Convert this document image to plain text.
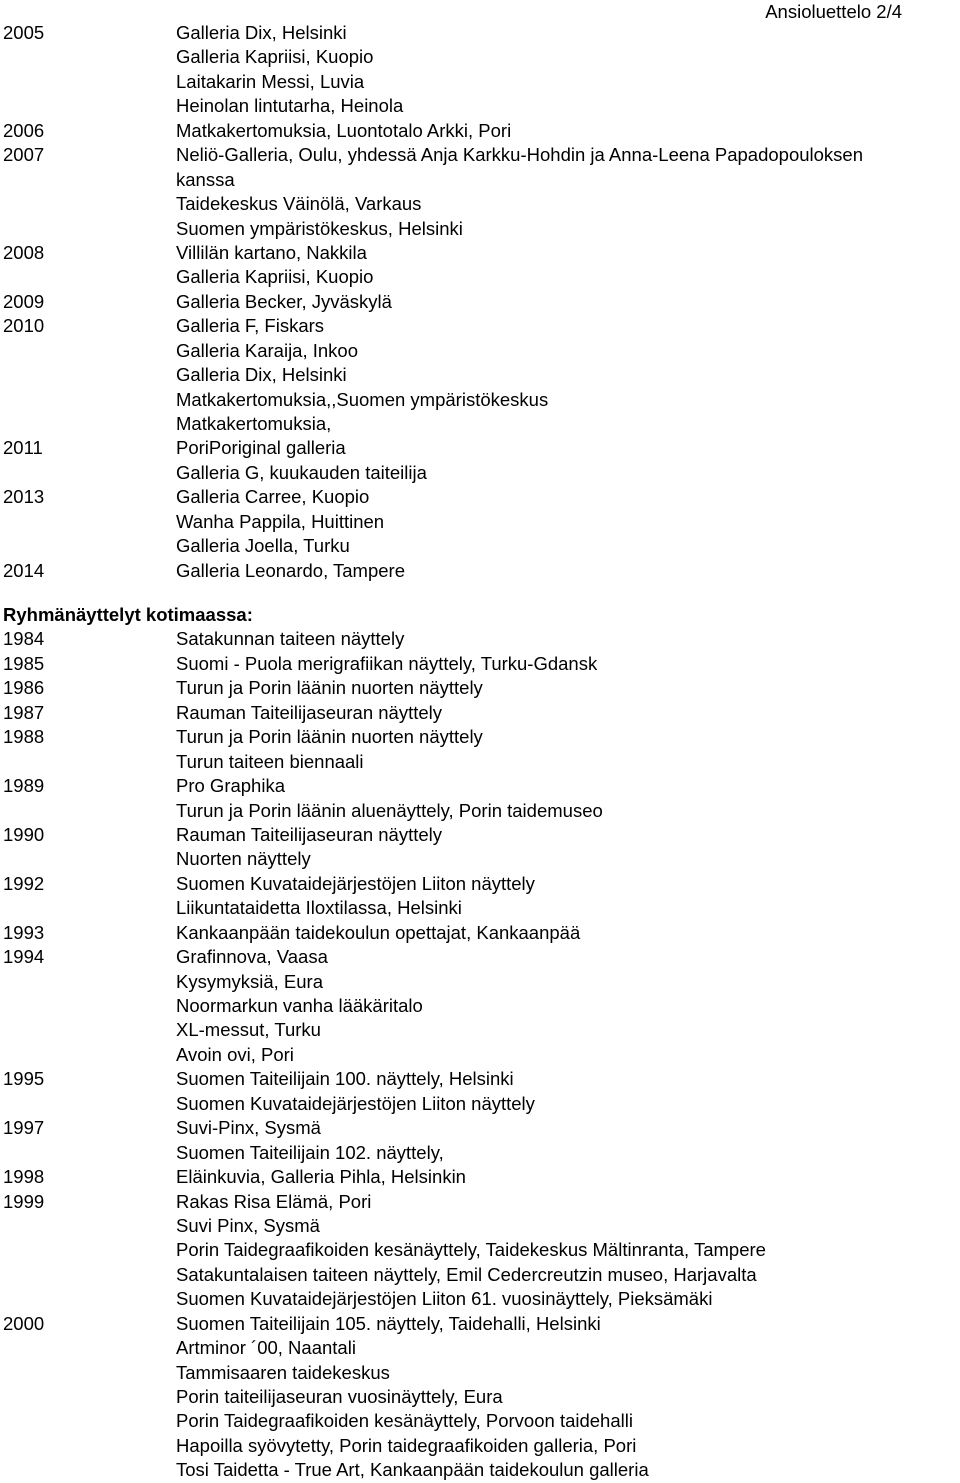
Ansioluettelo 2/4
2005	Galleria Dix, Helsinki
Galleria Kapriisi, Kuopio
Laitakarin Messi, Luvia
Heinolan lintutarha, Heinola
2006	Matkakertomuksia, Luontotalo Arkki, Pori
2007	Neliö-Galleria, Oulu, yhdessä Anja Karkku-Hohdin ja Anna-Leena Papadopouloksen
kanssa
Taidekeskus Väinölä, Varkaus
Suomen ympäristökeskus, Helsinki
2008	Villilän kartano, Nakkila
Galleria Kapriisi, Kuopio
2009	Galleria Becker, Jyväskylä
2010	Galleria F, Fiskars
Galleria Karaija, Inkoo
Galleria Dix, Helsinki
Matkakertomuksia,,Suomen ympäristökeskus
Matkakertomuksia,
2011	PoriPoriginal galleria
Galleria G, kuukauden taiteilija
2013	Galleria Carree, Kuopio
Wanha Pappila, Huittinen
Galleria Joella, Turku
2014	Galleria Leonardo, Tampere
Ryhmänäyttelyt kotimaassa:
1984	Satakunnan taiteen näyttely
1985	Suomi - Puola merigrafiikan näyttely, Turku-Gdansk
1986	Turun ja Porin läänin nuorten näyttely
1987	Rauman Taiteilijaseuran näyttely
1988	Turun ja Porin läänin nuorten näyttely
Turun taiteen biennaali
1989	Pro Graphika
Turun ja Porin läänin aluenäyttely, Porin taidemuseo
1990	Rauman Taiteilijaseuran näyttely
Nuorten näyttely
1992	Suomen Kuvataidejärjestöjen Liiton näyttely
Liikuntataidetta Iloxtilassa, Helsinki
1993	Kankaanpään taidekoulun opettajat, Kankaanpää
1994	Grafinnova, Vaasa
Kysymyksiä, Eura
Noormarkun vanha lääkäritalo
XL-messut, Turku
Avoin ovi, Pori
1995	Suomen Taiteilijain 100. näyttely, Helsinki
Suomen Kuvataidejärjestöjen Liiton näyttely
1997	Suvi-Pinx, Sysmä
Suomen Taiteilijain 102. näyttely,
1998	Eläinkuvia, Galleria Pihla, Helsinkin
1999	Rakas Risa Elämä, Pori
Suvi Pinx, Sysmä
Porin Taidegraafikoiden kesänäyttely, Taidekeskus Mältinranta, Tampere
Satakuntalaisen taiteen näyttely, Emil Cedercreutzin museo, Harjavalta
Suomen Kuvataidejärjestöjen Liiton 61. vuosinäyttely, Pieksämäki
2000	Suomen Taiteilijain 105. näyttely, Taidehalli, Helsinki
Artminor ´00, Naantali
Tammisaaren taidekeskus
Porin taiteilijaseuran vuosinäyttely, Eura
Porin Taidegraafikoiden kesänäyttely, Porvoon taidehalli
Hapoilla syövytetty, Porin taidegraafikoiden galleria, Pori
Tosi Taidetta - True Art, Kankaanpään taidekoulun galleria
